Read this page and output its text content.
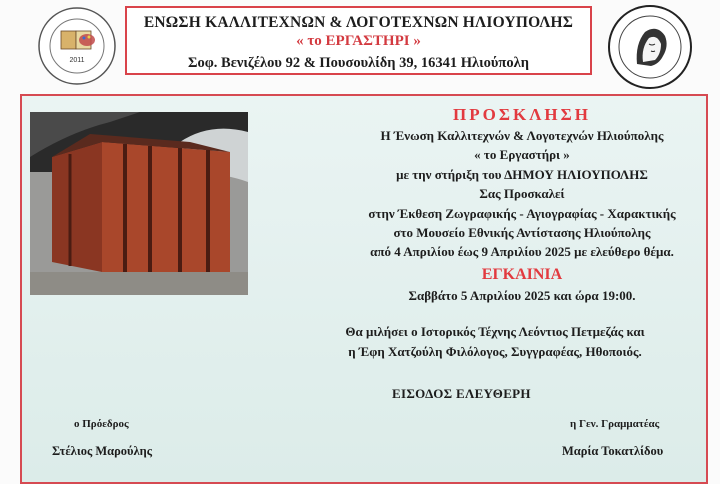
2011
ΕΝΩΣΗ ΚΑΛΛΙΤΕΧΝΩΝ & ΛΟΓΟΤΕΧΝΩΝ ΗΛΙΟΥΠΟΛΗΣ
« το ΕΡΓΑΣΤΗΡΙ »
Σοφ. Βενιζέλου 92 & Πουσουλίδη 39, 16341 Ηλιούπολη
ΠΡΟΣΚΛΗΣΗ
Η Ένωση Καλλιτεχνών & Λογοτεχνών Ηλιούπολης
« το Εργαστήρι »
με την στήριξη του ΔΗΜΟΥ ΗΛΙΟΥΠΟΛΗΣ
Σας Προσκαλεί
στην Έκθεση Ζωγραφικής - Αγιογραφίας - Χαρακτικής
στο Μουσείο Εθνικής Αντίστασης Ηλιούπολης
από 4 Απριλίου έως 9 Απριλίου 2025 με ελεύθερο θέμα.
ΕΓΚΑΙΝΙΑ
Σαββάτο 5 Απριλίου 2025 και ώρα 19:00.
Θα μιλήσει ο Ιστορικός Τέχνης Λεόντιος Πετμεζάς και
η Έφη Χατζούλη Φιλόλογος, Συγγραφέας, Ηθοποιός.
ΕΙΣΟΔΟΣ ΕΛΕΥΘΕΡΗ
ο Πρόεδρος
Στέλιος Μαρούλης
η Γεν. Γραμματέας
Μαρία Τοκατλίδου
